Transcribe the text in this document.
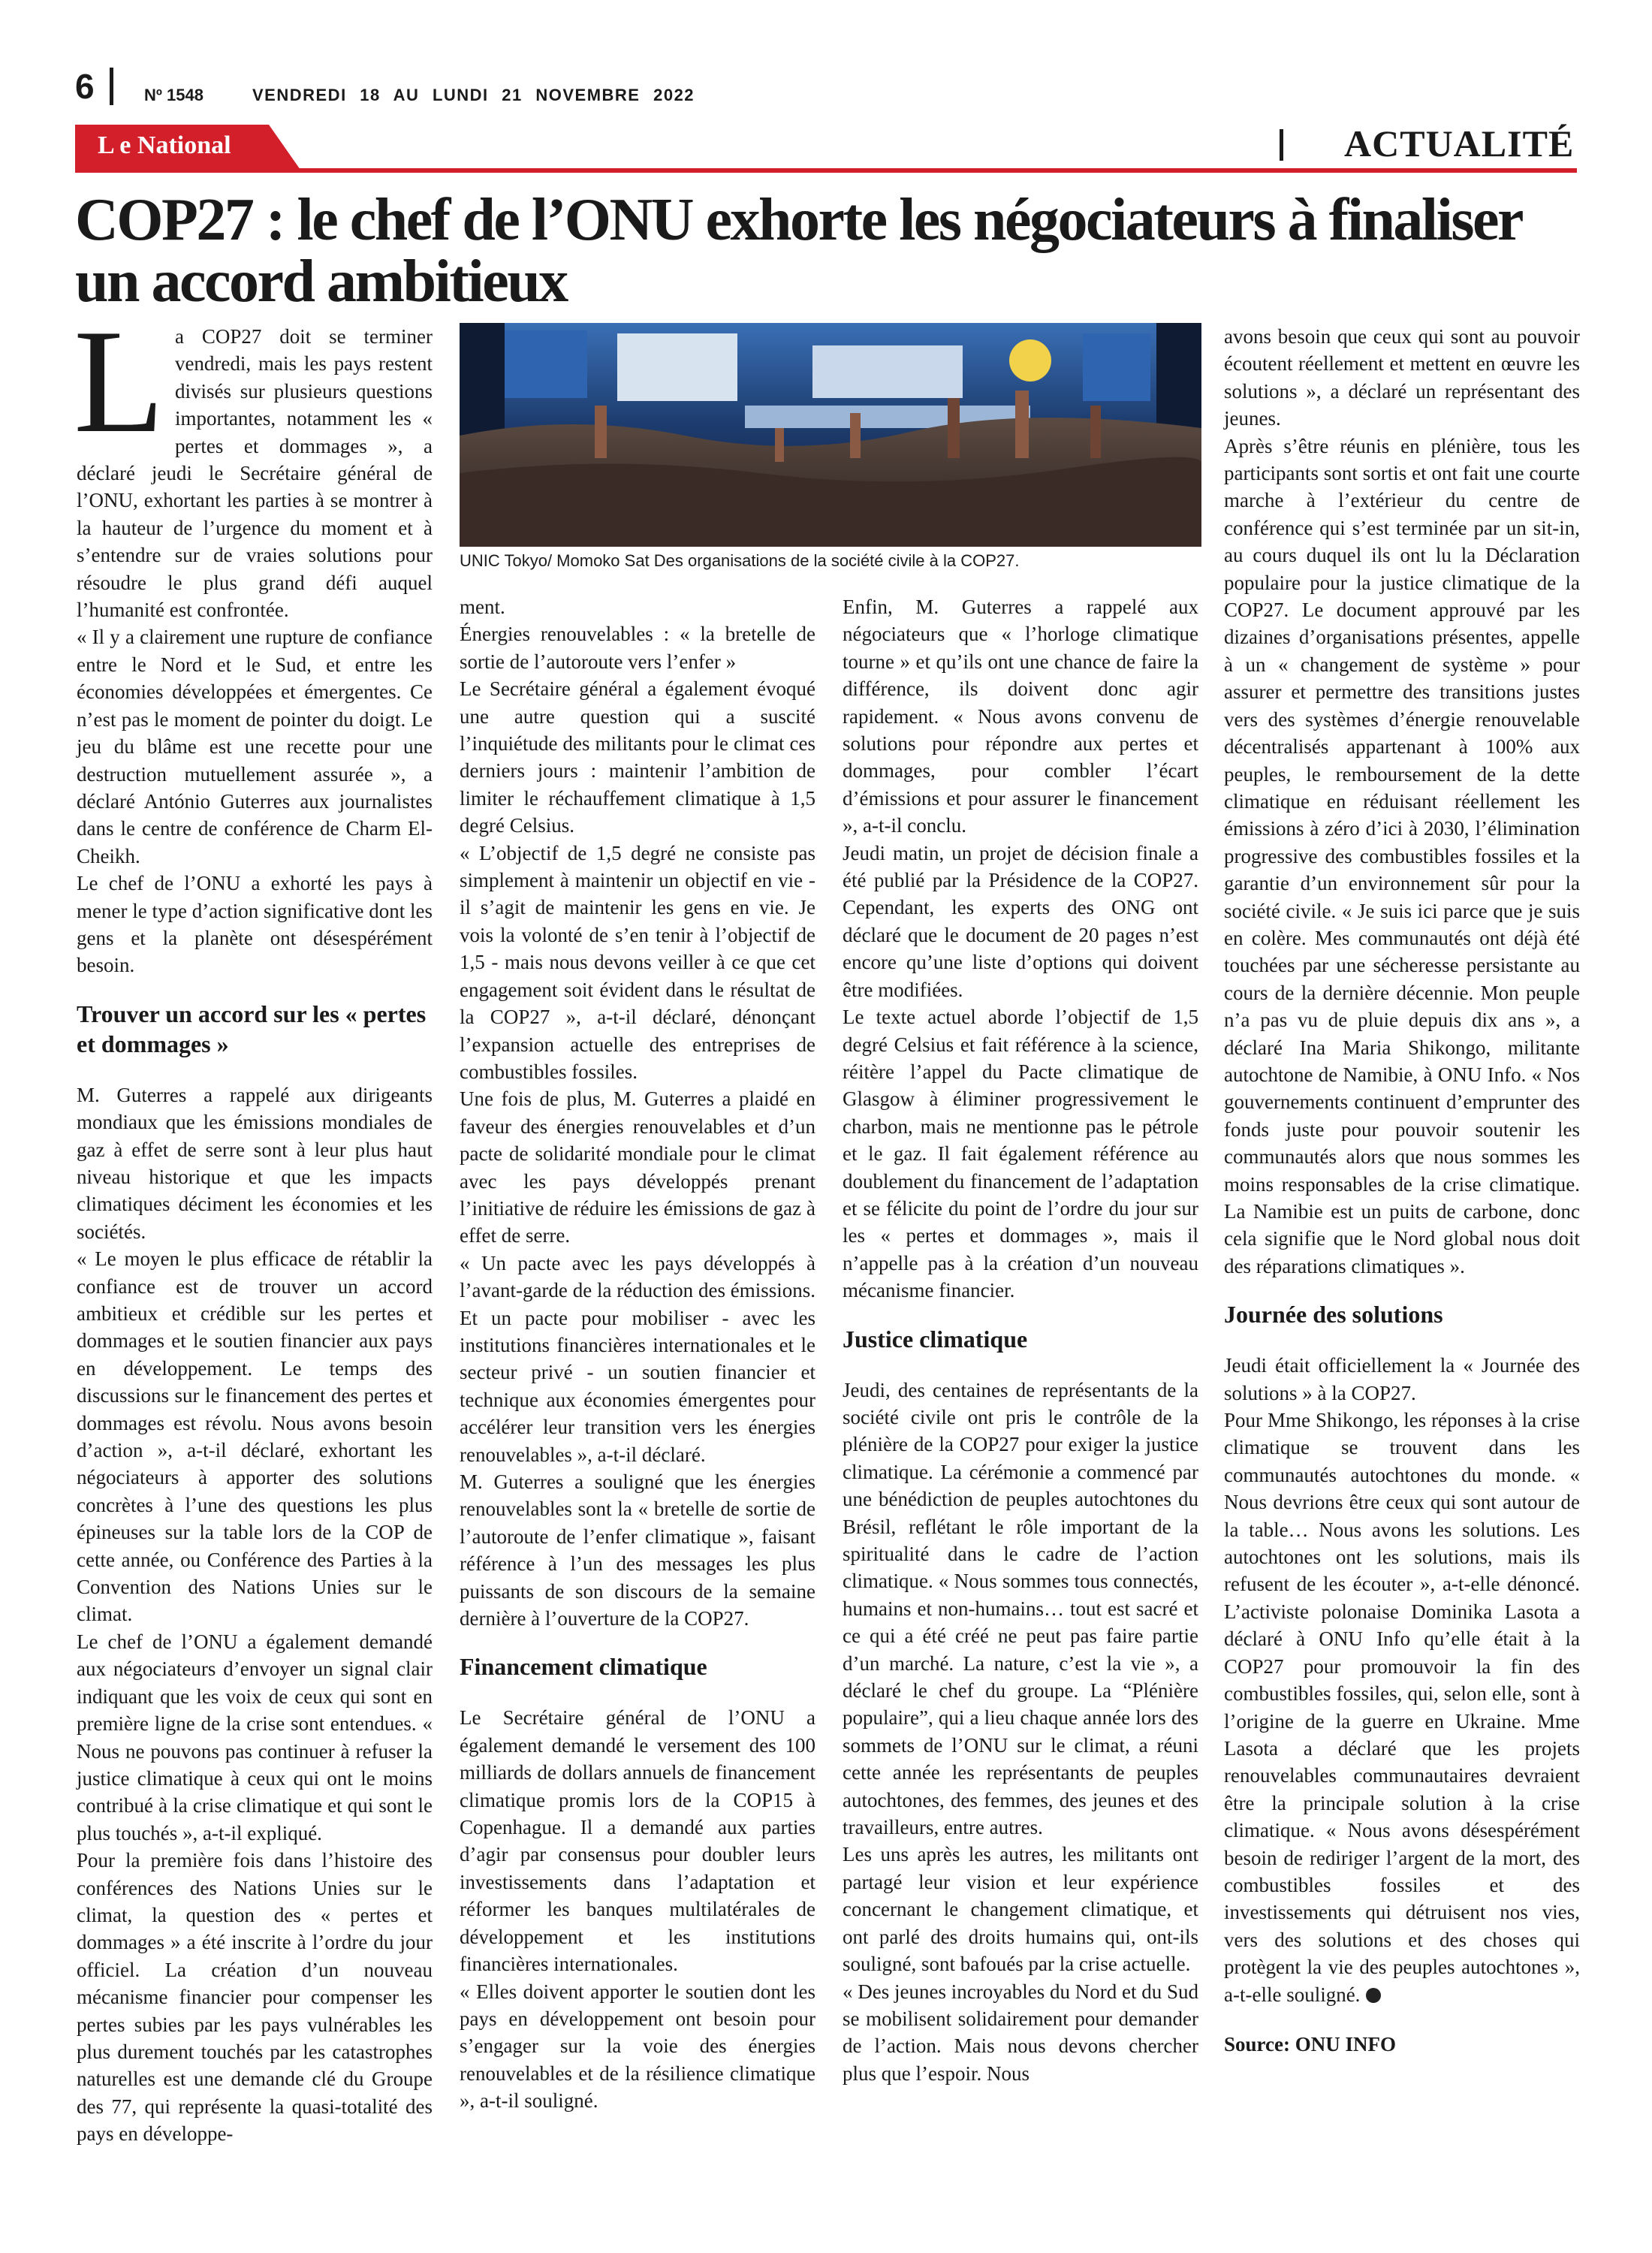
6	Nº 1548	VENDREDI 18 AU LUNDI 21 NOVEMBRE 2022
L e National	ACTUALITÉ
COP27 : le chef de l’ONU exhorte les négociateurs à finaliser un accord ambitieux

La COP27 doit se terminer vendredi, mais les pays restent divisés sur plusieurs questions importantes, notamment les « pertes et dommages », a déclaré jeudi le Secrétaire général de l’ONU, exhortant les parties à se montrer à la hauteur de l’urgence du moment et à s’entendre sur de vraies solutions pour résoudre le plus grand défi auquel l’humanité est confrontée.

« Il y a clairement une rupture de confiance entre le Nord et le Sud, et entre les économies développées et émergentes. Ce n’est pas le moment de pointer du doigt. Le jeu du blâme est une recette pour une destruction mutuellement assurée », a déclaré António Guterres aux journalistes dans le centre de conférence de Charm El-Cheikh.

Le chef de l’ONU a exhorté les pays à mener le type d’action significative dont les gens et la planète ont désespérément besoin.

Trouver un accord sur les « pertes et dommages »

M. Guterres a rappelé aux dirigeants mondiaux que les émissions mondiales de gaz à effet de serre sont à leur plus haut niveau historique et que les impacts climatiques déciment les économies et les sociétés.

« Le moyen le plus efficace de rétablir la confiance est de trouver un accord ambitieux et crédible sur les pertes et dommages et le soutien financier aux pays en développement. Le temps des discussions sur le financement des pertes et dommages est révolu. Nous avons besoin d’action », a-t-il déclaré, exhortant les négociateurs à apporter des solutions concrètes à l’une des questions les plus épineuses sur la table lors de la COP de cette année, ou Conférence des Parties à la Convention des Nations Unies sur le climat.

Le chef de l’ONU a également demandé aux négociateurs d’envoyer un signal clair indiquant que les voix de ceux qui sont en première ligne de la crise sont entendues. « Nous ne pouvons pas continuer à refuser la justice climatique à ceux qui ont le moins contribué à la crise climatique et qui sont le plus touchés », a-t-il expliqué.

Pour la première fois dans l’histoire des conférences des Nations Unies sur le climat, la question des « pertes et dommages » a été inscrite à l’ordre du jour officiel. La création d’un nouveau mécanisme financier pour compenser les pertes subies par les pays vulnérables les plus durement touchés par les catastrophes naturelles est une demande clé du Groupe des 77, qui représente la quasi-totalité des pays en développe-

UNIC Tokyo/ Momoko Sat Des organisations de la société civile à la COP27.

ment.

Énergies renouvelables : « la bretelle de sortie de l’autoroute vers l’enfer »

Le Secrétaire général a également évoqué une autre question qui a suscité l’inquiétude des militants pour le climat ces derniers jours : maintenir l’ambition de limiter le réchauffement climatique à 1,5 degré Celsius.

« L’objectif de 1,5 degré ne consiste pas simplement à maintenir un objectif en vie - il s’agit de maintenir les gens en vie. Je vois la volonté de s’en tenir à l’objectif de 1,5 - mais nous devons veiller à ce que cet engagement soit évident dans le résultat de la COP27 », a-t-il déclaré, dénonçant l’expansion actuelle des entreprises de combustibles fossiles.

Une fois de plus, M. Guterres a plaidé en faveur des énergies renouvelables et d’un pacte de solidarité mondiale pour le climat avec les pays développés prenant l’initiative de réduire les émissions de gaz à effet de serre.

« Un pacte avec les pays développés à l’avant-garde de la réduction des émissions. Et un pacte pour mobiliser - avec les institutions financières internationales et le secteur privé - un soutien financier et technique aux économies émergentes pour accélérer leur transition vers les énergies renouvelables », a-t-il déclaré.

M. Guterres a souligné que les énergies renouvelables sont la « bretelle de sortie de l’autoroute de l’enfer climatique », faisant référence à l’un des messages les plus puissants de son discours de la semaine dernière à l’ouverture de la COP27.

Financement climatique

Le Secrétaire général de l’ONU a également demandé le versement des 100 milliards de dollars annuels de financement climatique promis lors de la COP15 à Copenhague. Il a demandé aux parties d’agir par consensus pour doubler leurs investissements dans l’adaptation et réformer les banques multilatérales de développement et les institutions financières internationales.

« Elles doivent apporter le soutien dont les pays en développement ont besoin pour s’engager sur la voie des énergies renouvelables et de la résilience climatique », a-t-il souligné.

Enfin, M. Guterres a rappelé aux négociateurs que « l’horloge climatique tourne » et qu’ils ont une chance de faire la différence, ils doivent donc agir rapidement. « Nous avons convenu de solutions pour répondre aux pertes et dommages, pour combler l’écart d’émissions et pour assurer le financement », a-t-il conclu.

Jeudi matin, un projet de décision finale a été publié par la Présidence de la COP27. Cependant, les experts des ONG ont déclaré que le document de 20 pages n’est encore qu’une liste d’options qui doivent être modifiées.

Le texte actuel aborde l’objectif de 1,5 degré Celsius et fait référence à la science, réitère l’appel du Pacte climatique de Glasgow à éliminer progressivement le charbon, mais ne mentionne pas le pétrole et le gaz. Il fait également référence au doublement du financement de l’adaptation et se félicite du point de l’ordre du jour sur les « pertes et dommages », mais il n’appelle pas à la création d’un nouveau mécanisme financier.

Justice climatique

Jeudi, des centaines de représentants de la société civile ont pris le contrôle de la plénière de la COP27 pour exiger la justice climatique. La cérémonie a commencé par une bénédiction de peuples autochtones du Brésil, reflétant le rôle important de la spiritualité dans le cadre de l’action climatique. « Nous sommes tous connectés, humains et non-humains… tout est sacré et ce qui a été créé ne peut pas faire partie d’un marché. La nature, c’est la vie », a déclaré le chef du groupe. La “Plénière populaire”, qui a lieu chaque année lors des sommets de l’ONU sur le climat, a réuni cette année les représentants de peuples autochtones, des femmes, des jeunes et des travailleurs, entre autres.

Les uns après les autres, les militants ont partagé leur vision et leur expérience concernant le changement climatique, et ont parlé des droits humains qui, ont-ils souligné, sont bafoués par la crise actuelle.

« Des jeunes incroyables du Nord et du Sud se mobilisent solidairement pour demander de l’action. Mais nous devons chercher plus que l’espoir. Nous

avons besoin que ceux qui sont au pouvoir écoutent réellement et mettent en œuvre les solutions », a déclaré un représentant des jeunes.

Après s’être réunis en plénière, tous les participants sont sortis et ont fait une courte marche à l’extérieur du centre de conférence qui s’est terminée par un sit-in, au cours duquel ils ont lu la Déclaration populaire pour la justice climatique de la COP27. Le document approuvé par les dizaines d’organisations présentes, appelle à un « changement de système » pour assurer et permettre des transitions justes vers des systèmes d’énergie renouvelable décentralisés appartenant à 100% aux peuples, le remboursement de la dette climatique en réduisant réellement les émissions à zéro d’ici à 2030, l’élimination progressive des combustibles fossiles et la garantie d’un environnement sûr pour la société civile. « Je suis ici parce que je suis en colère. Mes communautés ont déjà été touchées par une sécheresse persistante au cours de la dernière décennie. Mon peuple n’a pas vu de pluie depuis dix ans », a déclaré Ina Maria Shikongo, militante autochtone de Namibie, à ONU Info. « Nos gouvernements continuent d’emprunter des fonds juste pour pouvoir soutenir les communautés alors que nous sommes les moins responsables de la crise climatique. La Namibie est un puits de carbone, donc cela signifie que le Nord global nous doit des réparations climatiques ».

Journée des solutions

Jeudi était officiellement la « Journée des solutions » à la COP27.

Pour Mme Shikongo, les réponses à la crise climatique se trouvent dans les communautés autochtones du monde. « Nous devrions être ceux qui sont autour de la table… Nous avons les solutions. Les autochtones ont les solutions, mais ils refusent de les écouter », a-t-elle dénoncé. L’activiste polonaise Dominika Lasota a déclaré à ONU Info qu’elle était à la COP27 pour promouvoir la fin des combustibles fossiles, qui, selon elle, sont à l’origine de la guerre en Ukraine. Mme Lasota a déclaré que les projets renouvelables communautaires devraient être la principale solution à la crise climatique. « Nous avons désespérément besoin de rediriger l’argent de la mort, des combustibles fossiles et des investissements qui détruisent nos vies, vers des solutions et des choses qui protègent la vie des peuples autochtones », a-t-elle souligné.

Source: ONU INFO
